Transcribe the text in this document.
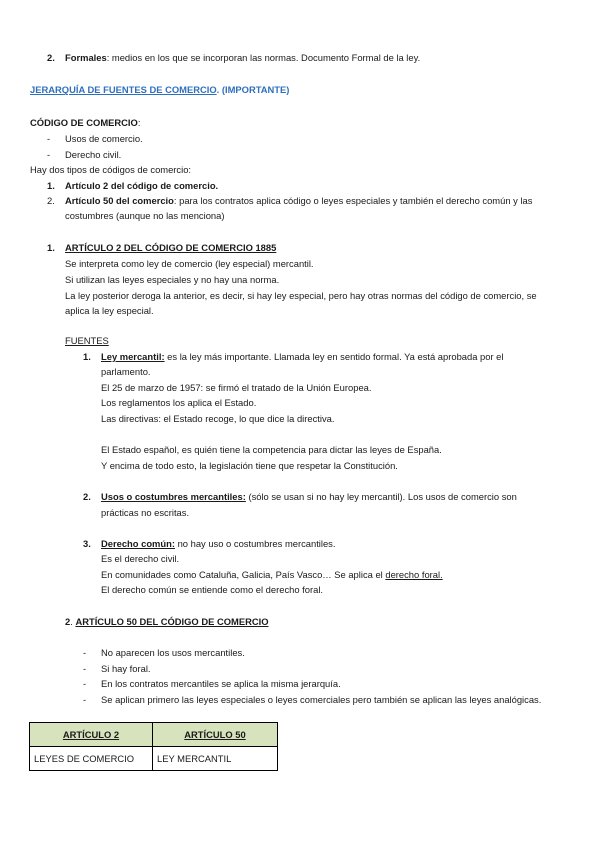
2. Formales: medios en los que se incorporan las normas. Documento Formal de la ley.
JERARQUÍA DE FUENTES DE COMERCIO. (IMPORTANTE)
CÓDIGO DE COMERCIO:
- Usos de comercio.
- Derecho civil.
Hay dos tipos de códigos de comercio:
1. Artículo 2 del código de comercio.
2. Artículo 50 del comercio: para los contratos aplica código o leyes especiales y también el derecho común y las
costumbres (aunque no las menciona)
1. ARTÍCULO 2 DEL CÓDIGO DE COMERCIO 1885
Se interpreta como ley de comercio (ley especial) mercantil.
Si utilizan las leyes especiales y no hay una norma.
La ley posterior deroga la anterior, es decir, si hay ley especial, pero hay otras normas del código de comercio, se
aplica la ley especial.
FUENTES
1. Ley mercantil: es la ley más importante. Llamada ley en sentido formal. Ya está aprobada por el
parlamento.
El 25 de marzo de 1957: se firmó el tratado de la Unión Europea.
Los reglamentos los aplica el Estado.
Las directivas: el Estado recoge, lo que dice la directiva.
El Estado español, es quién tiene la competencia para dictar las leyes de España.
Y encima de todo esto, la legislación tiene que respetar la Constitución.
2. Usos o costumbres mercantiles: (sólo se usan si no hay ley mercantil). Los usos de comercio son
prácticas no escritas.
3. Derecho común: no hay uso o costumbres mercantiles.
Es el derecho civil.
En comunidades como Cataluña, Galicia, País Vasco… Se aplica el derecho foral.
El derecho común se entiende como el derecho foral.
2. ARTÍCULO 50 DEL CÓDIGO DE COMERCIO
- No aparecen los usos mercantiles.
- Si hay foral.
- En los contratos mercantiles se aplica la misma jerarquía.
- Se aplican primero las leyes especiales o leyes comerciales pero también se aplican las leyes analógicas.
ARTÍCULO 2	ARTÍCULO 50
LEYES DE COMERCIO	LEY MERCANTIL
